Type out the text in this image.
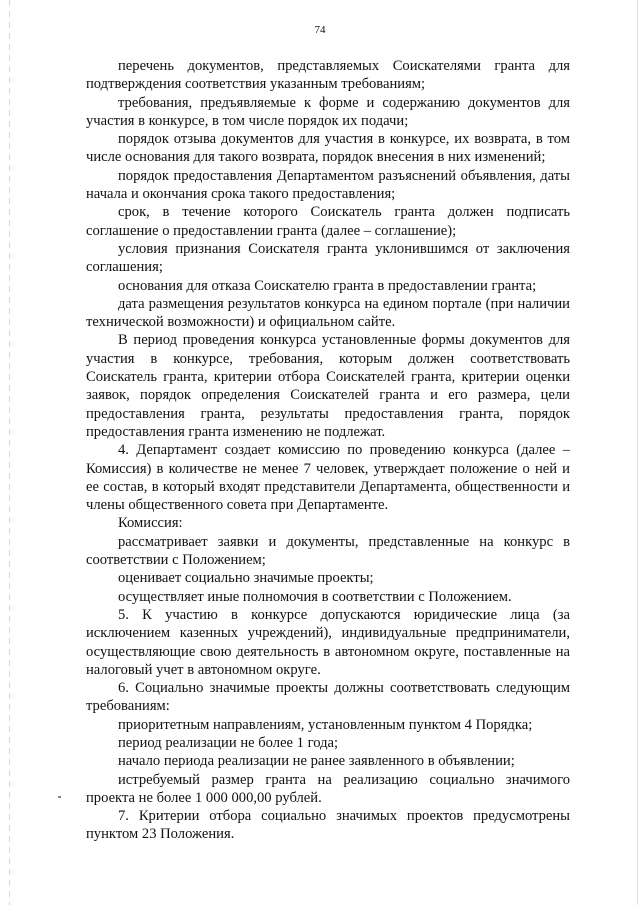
74

перечень документов, представляемых Соискателями гранта для подтверждения соответствия указанным требованиям;

требования, предъявляемые к форме и содержанию документов для участия в конкурсе, в том числе порядок их подачи;

порядок отзыва документов для участия в конкурсе, их возврата, в том числе основания для такого возврата, порядок внесения в них изменений;

порядок предоставления Департаментом разъяснений объявления, даты начала и окончания срока такого предоставления;

срок, в течение которого Соискатель гранта должен подписать соглашение о предоставлении гранта (далее – соглашение);

условия признания Соискателя гранта уклонившимся от заключения соглашения;

основания для отказа Соискателю гранта в предоставлении гранта;

дата размещения результатов конкурса на едином портале (при наличии технической возможности) и официальном сайте.

В период проведения конкурса установленные формы документов для участия в конкурсе, требования, которым должен соответствовать Соискатель гранта, критерии отбора Соискателей гранта, критерии оценки заявок, порядок определения Соискателей гранта и его размера, цели предоставления гранта, результаты предоставления гранта, порядок предоставления гранта изменению не подлежат.

4. Департамент создает комиссию по проведению конкурса (далее – Комиссия) в количестве не менее 7 человек, утверждает положение о ней и ее состав, в который входят представители Департамента, общественности и члены общественного совета при Департаменте.

Комиссия:

рассматривает заявки и документы, представленные на конкурс в соответствии с Положением;

оценивает социально значимые проекты;

осуществляет иные полномочия в соответствии с Положением.

5. К участию в конкурсе допускаются юридические лица (за исключением казенных учреждений), индивидуальные предприниматели, осуществляющие свою деятельность в автономном округе, поставленные на налоговый учет в автономном округе.

6. Социально значимые проекты должны соответствовать следующим требованиям:

приоритетным направлениям, установленным пунктом 4 Порядка;

период реализации не более 1 года;

начало периода реализации не ранее заявленного в объявлении;

истребуемый размер гранта на реализацию социально значимого проекта не более 1 000 000,00 рублей.

7. Критерии отбора социально значимых проектов предусмотрены пунктом 23 Положения.
